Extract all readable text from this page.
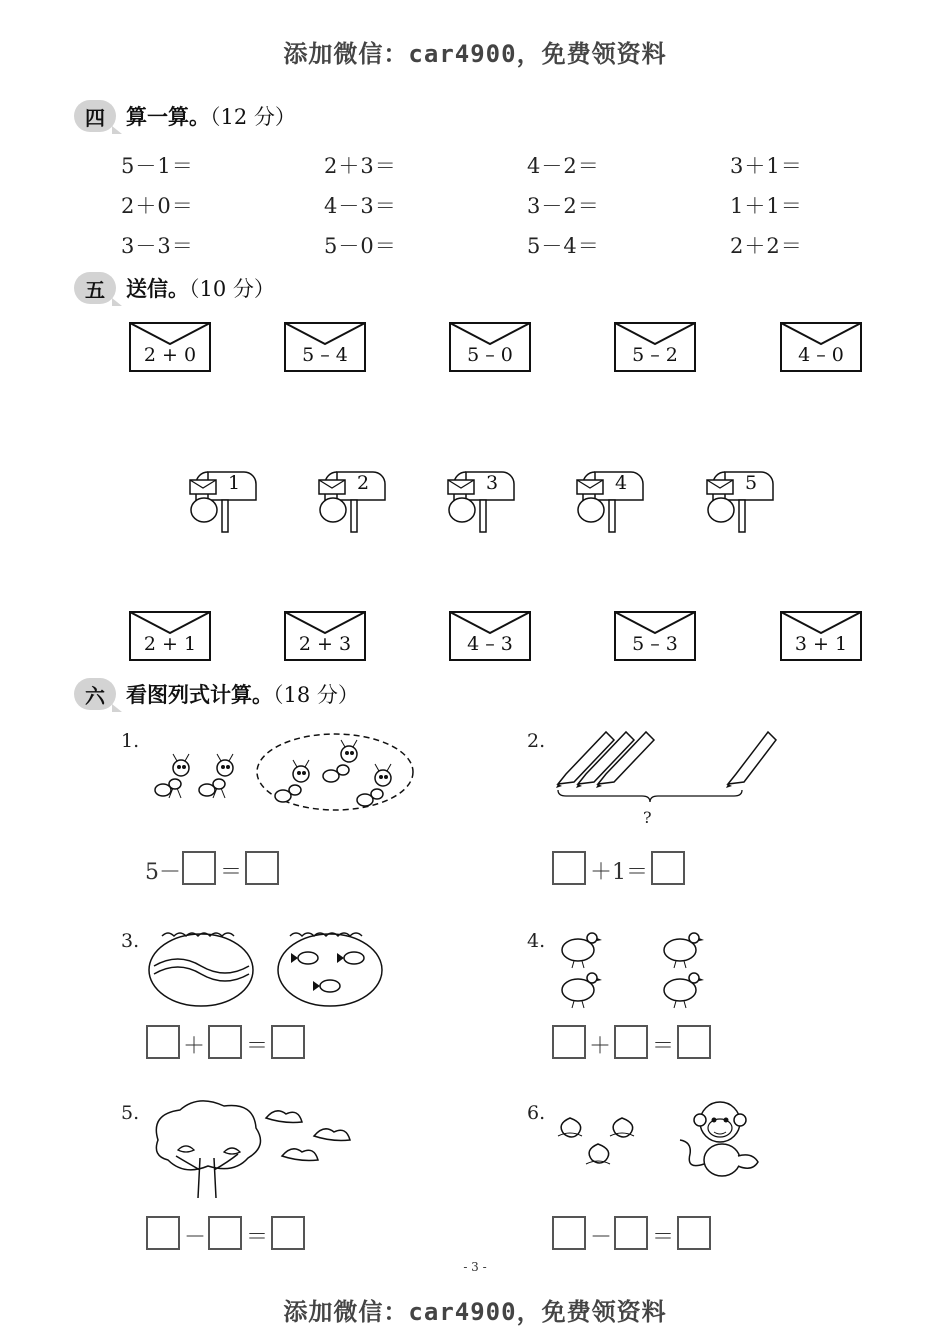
添加微信：car4900，免费领资料
四	算一算。（12 分）
5－1＝	2＋3＝	4－2＝	3＋1＝
2＋0＝	4－3＝	3－2＝	1＋1＝
3－3＝	5－0＝	5－4＝	2＋2＝
五	送信。（10 分）
2 + 0	5 – 4	5 – 0	5 – 2	4 – 0
1	2	3	4	5
2 + 1	2 + 3	4 – 3	5 – 3	3 + 1
六	看图列式计算。（18 分）
1.
5－ ＝
2.
?
＋1＝
3.
＋ ＝
4.
＋ ＝
5.
－ ＝
6.
－ ＝
- 3 -
添加微信：car4900，免费领资料
